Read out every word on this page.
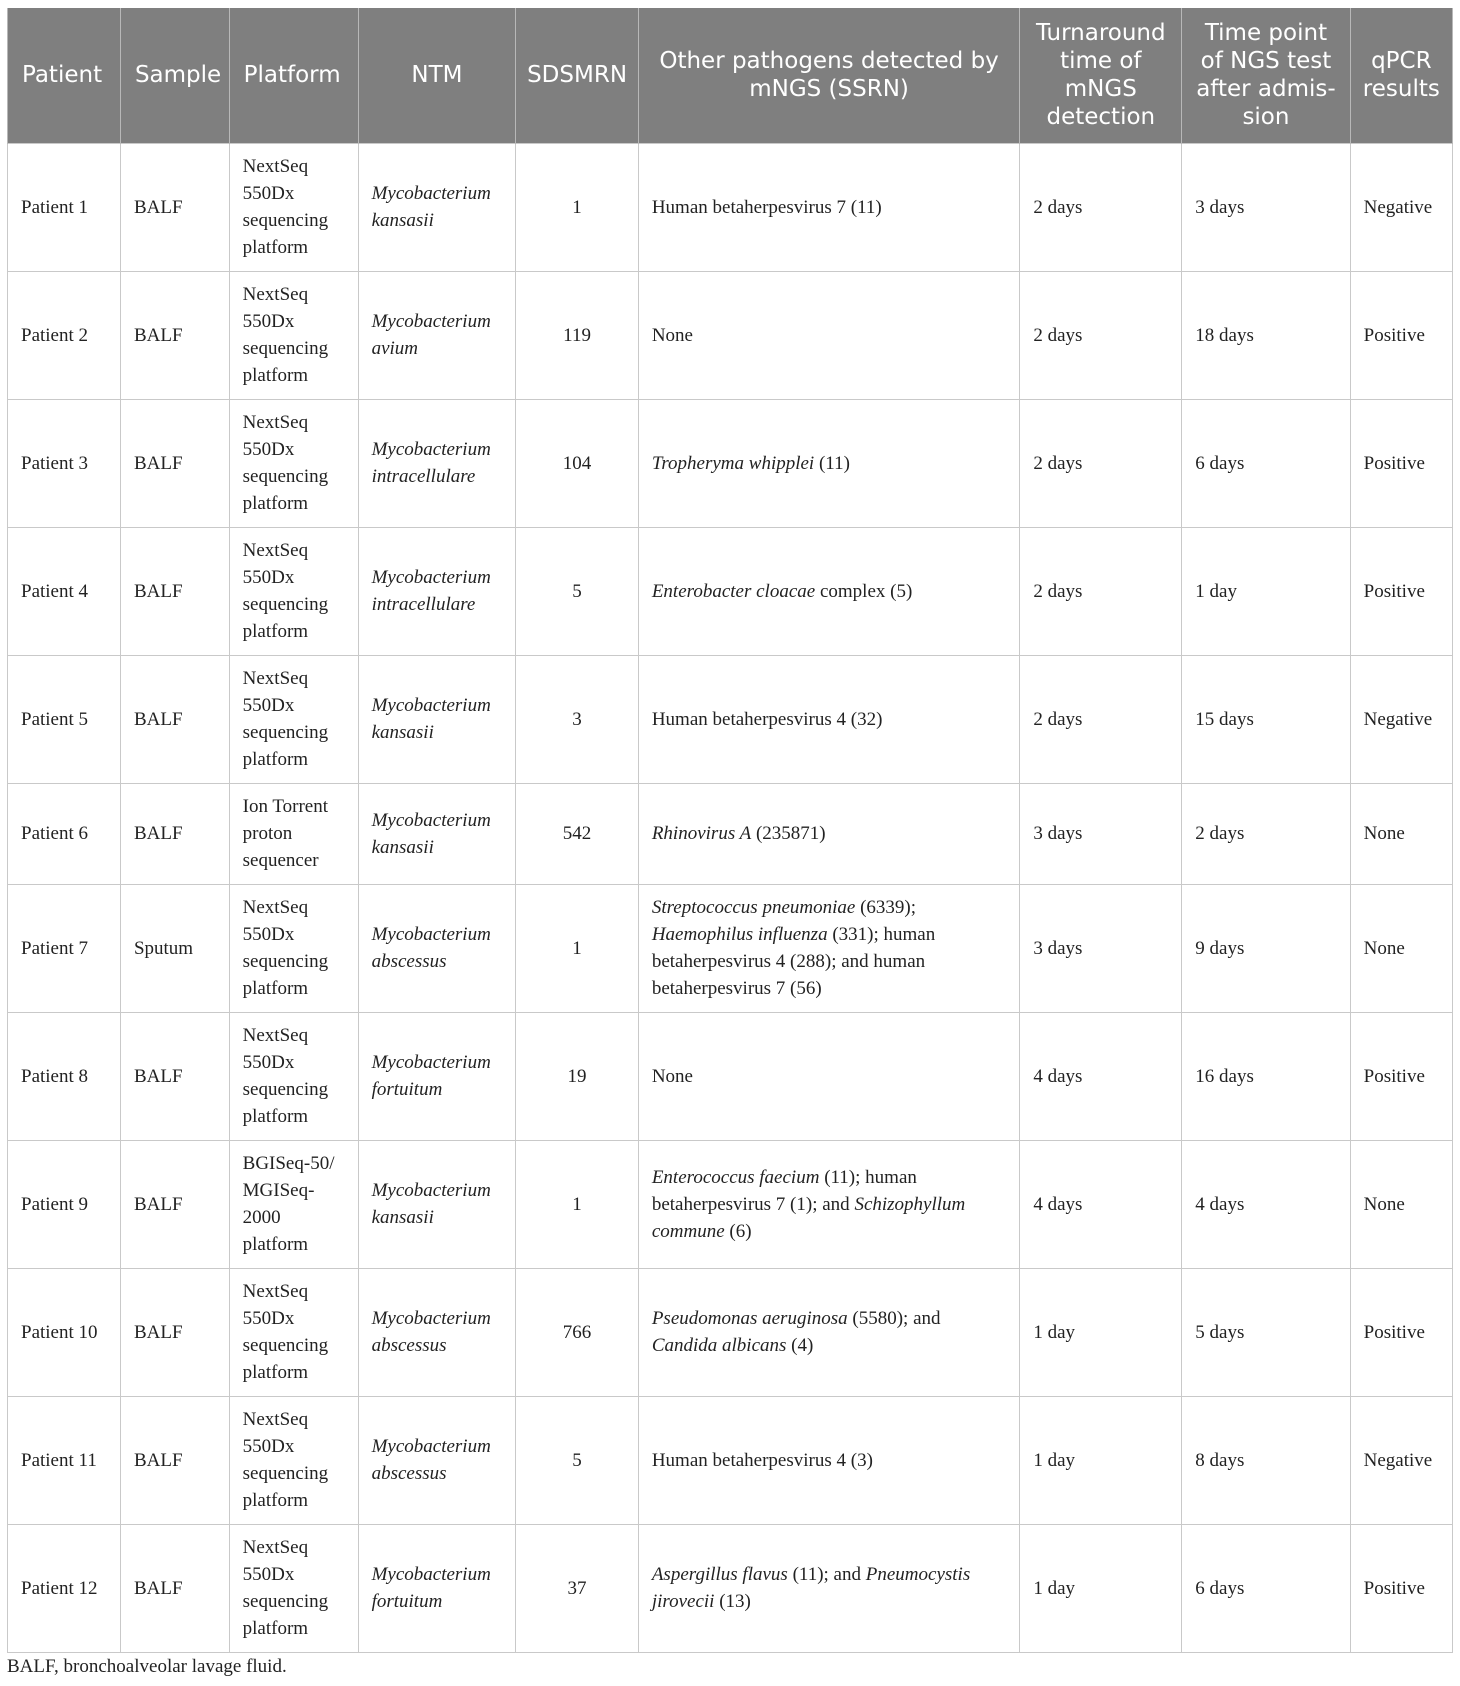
Patient	Sample	Platform	NTM	SDSMRN	Other pathogens detected by mNGS (SSRN)	Turnaround time of mNGS detection	Time point of NGS test after admis-sion	qPCR results
Patient 1	BALF	NextSeq 550Dx sequencing platform	Mycobacterium kansasii	1	Human betaherpesvirus 7 (11)	2 days	3 days	Negative
Patient 2	BALF	NextSeq 550Dx sequencing platform	Mycobacterium avium	119	None	2 days	18 days	Positive
Patient 3	BALF	NextSeq 550Dx sequencing platform	Mycobacterium intracellulare	104	Tropheryma whipplei (11)	2 days	6 days	Positive
Patient 4	BALF	NextSeq 550Dx sequencing platform	Mycobacterium intracellulare	5	Enterobacter cloacae complex (5)	2 days	1 day	Positive
Patient 5	BALF	NextSeq 550Dx sequencing platform	Mycobacterium kansasii	3	Human betaherpesvirus 4 (32)	2 days	15 days	Negative
Patient 6	BALF	Ion Torrent proton sequencer	Mycobacterium kansasii	542	Rhinovirus A (235871)	3 days	2 days	None
Patient 7	Sputum	NextSeq 550Dx sequencing platform	Mycobacterium abscessus	1	Streptococcus pneumoniae (6339); Haemophilus influenza (331); human betaherpesvirus 4 (288); and human betaherpesvirus 7 (56)	3 days	9 days	None
Patient 8	BALF	NextSeq 550Dx sequencing platform	Mycobacterium fortuitum	19	None	4 days	16 days	Positive
Patient 9	BALF	BGISeq-50/ MGISeq-2000 platform	Mycobacterium kansasii	1	Enterococcus faecium (11); human betaherpesvirus 7 (1); and Schizophyllum commune (6)	4 days	4 days	None
Patient 10	BALF	NextSeq 550Dx sequencing platform	Mycobacterium abscessus	766	Pseudomonas aeruginosa (5580); and Candida albicans (4)	1 day	5 days	Positive
Patient 11	BALF	NextSeq 550Dx sequencing platform	Mycobacterium abscessus	5	Human betaherpesvirus 4 (3)	1 day	8 days	Negative
Patient 12	BALF	NextSeq 550Dx sequencing platform	Mycobacterium fortuitum	37	Aspergillus flavus (11); and Pneumocystis jirovecii (13)	1 day	6 days	Positive
BALF, bronchoalveolar lavage fluid.
